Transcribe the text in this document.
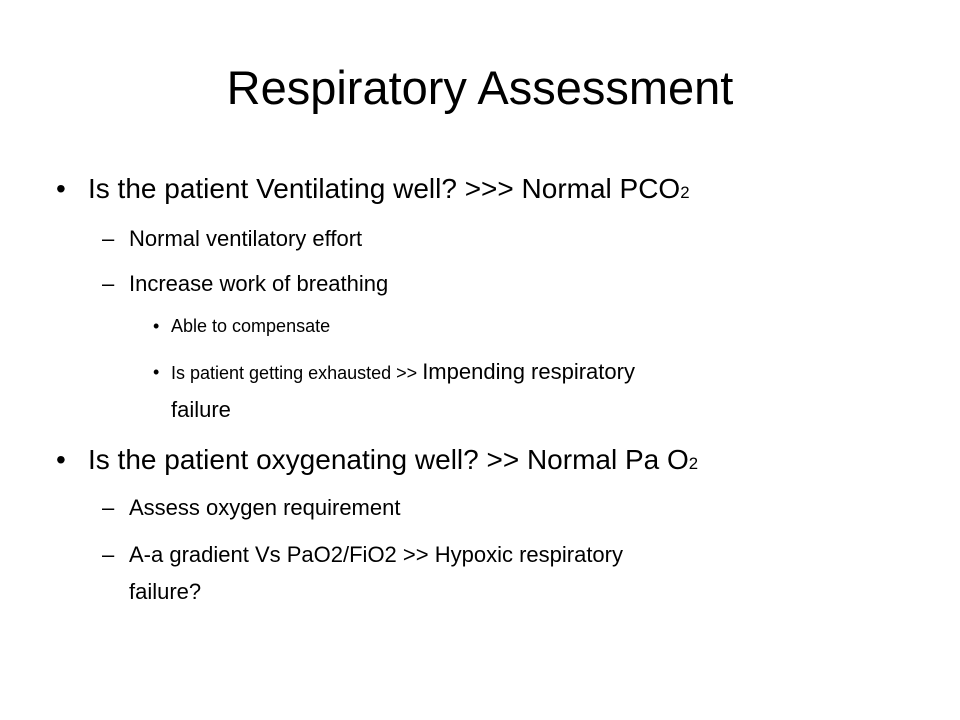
Respiratory Assessment
• Is the patient Ventilating well? >>> Normal PCO2
– Normal ventilatory effort
– Increase work of breathing
• Able to compensate
• Is patient getting exhausted >> Impending respiratory
failure
• Is the patient oxygenating well? >> Normal Pa O2
– Assess oxygen requirement
– A-a gradient Vs PaO2/FiO2 >> Hypoxic respiratory
failure?
